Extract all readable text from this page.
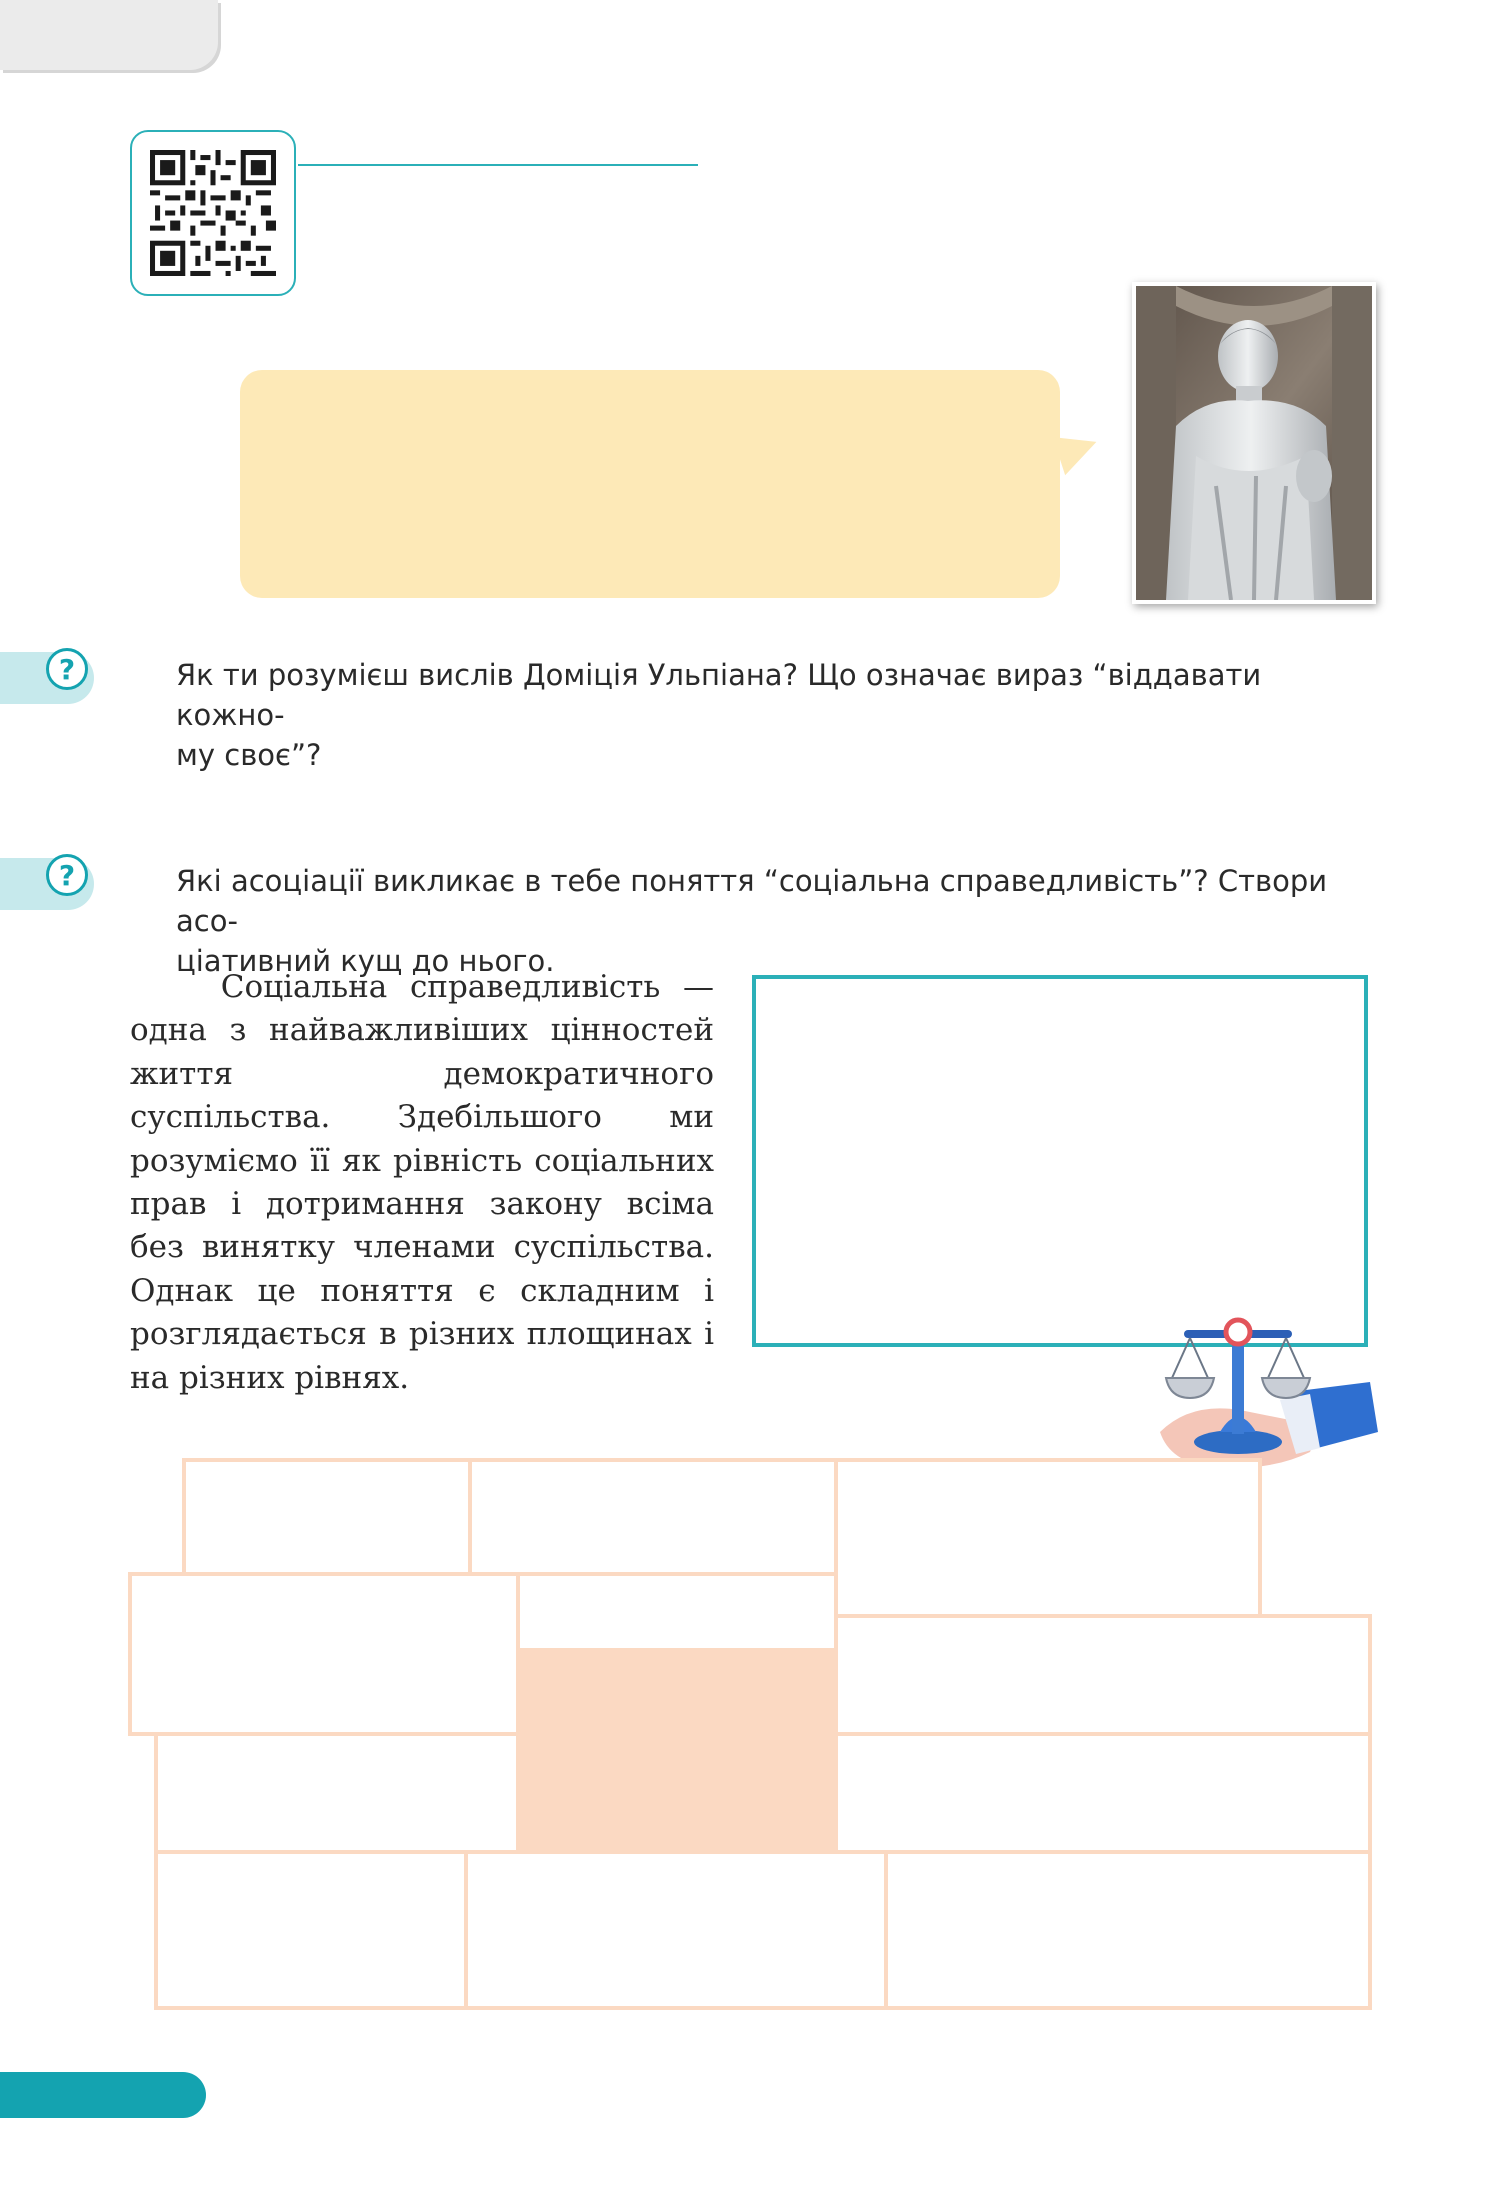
?	Як ти розумієш вислів Доміція Ульпіана? Що означає вираз “віддавати кожно-
му своє”?
?	Які асоціації викликає в тебе поняття “соціальна справедливість”? Створи асо-
ціативний кущ до нього.
Соціальна справедливість — одна з найважливіших цінностей життя демократичного суспільства. Здебільшого ми розуміємо її як рівність соціальних прав і дотримання закону всіма без винятку членами суспільства. Однак це поняття є складним і розглядається в різних площинах і на різних рівнях.
